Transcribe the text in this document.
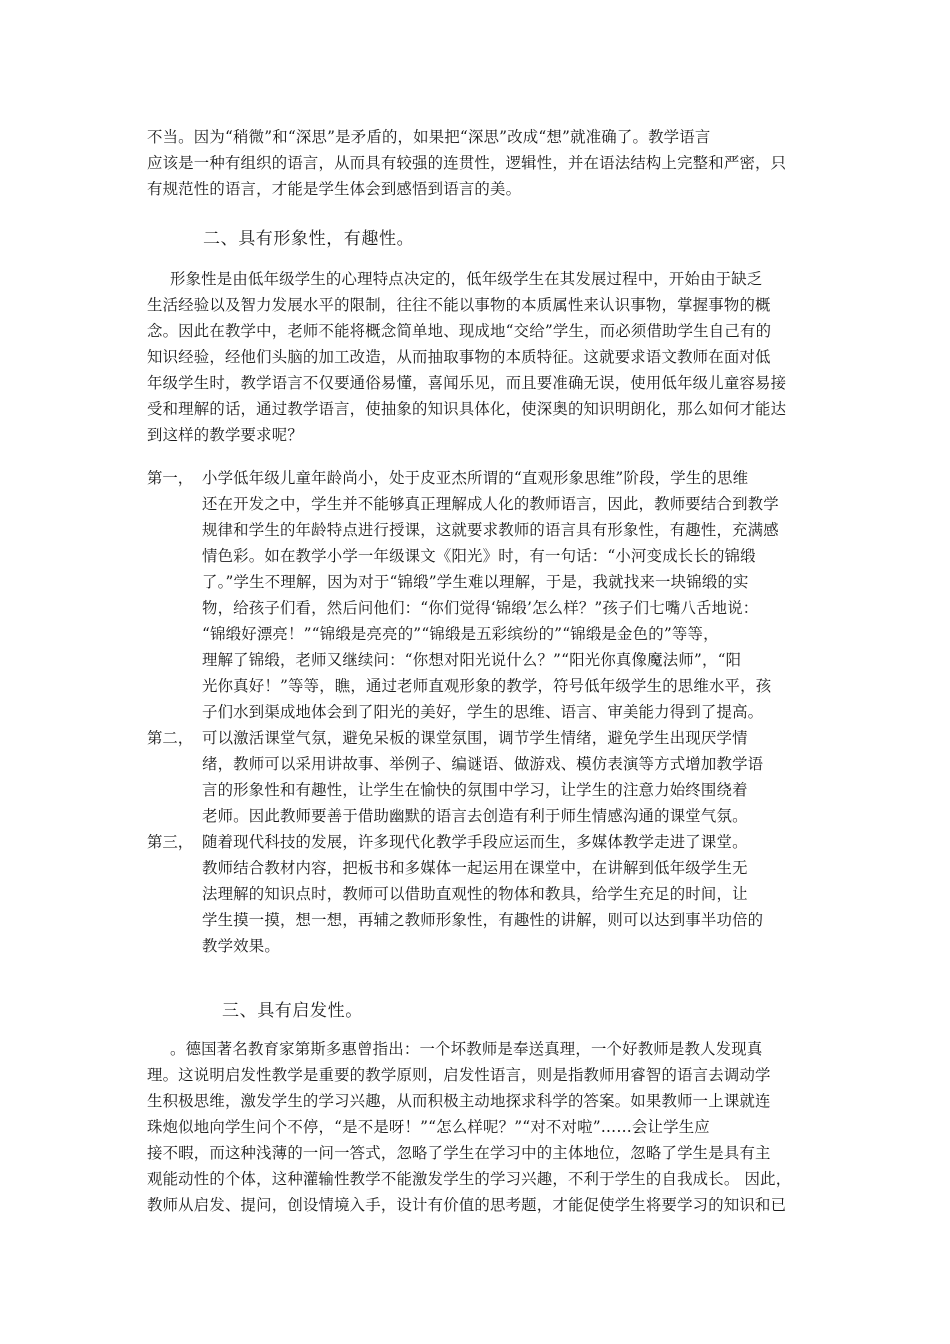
不当。因为“稍微”和“深思”是矛盾的，如果把“深思”改成“想”就准确了。教学语言
应该是一种有组织的语言，从而具有较强的连贯性，逻辑性，并在语法结构上完整和严密，只
有规范性的语言，才能是学生体会到感悟到语言的美。
二、具有形象性，有趣性。
形象性是由低年级学生的心理特点决定的，低年级学生在其发展过程中，开始由于缺乏
生活经验以及智力发展水平的限制，往往不能以事物的本质属性来认识事物，掌握事物的概
念。因此在教学中，老师不能将概念简单地、现成地“交给”学生，而必须借助学生自己有的
知识经验，经他们头脑的加工改造，从而抽取事物的本质特征。这就要求语文教师在面对低
年级学生时，教学语言不仅要通俗易懂，喜闻乐见，而且要准确无误，使用低年级儿童容易接
受和理解的话，通过教学语言，使抽象的知识具体化，使深奥的知识明朗化，那么如何才能达
到这样的教学要求呢？
第一， 小学低年级儿童年龄尚小，处于皮亚杰所谓的“直观形象思维”阶段，学生的思维
还在开发之中，学生并不能够真正理解成人化的教师语言，因此，教师要结合到教学
规律和学生的年龄特点进行授课，这就要求教师的语言具有形象性，有趣性，充满感
情色彩。如在教学小学一年级课文《阳光》时，有一句话：“小河变成长长的锦缎
了。”学生不理解，因为对于“锦缎”学生难以理解，于是，我就找来一块锦缎的实
物，给孩子们看，然后问他们：“你们觉得‘锦缎’怎么样？”孩子们七嘴八舌地说：
“锦缎好漂亮！”“锦缎是亮亮的”“锦缎是五彩缤纷的”“锦缎是金色的”等等，
理解了锦缎，老师又继续问：“你想对阳光说什么？”“阳光你真像魔法师”，“阳
光你真好！”等等，瞧，通过老师直观形象的教学，符号低年级学生的思维水平，孩
子们水到渠成地体会到了阳光的美好，学生的思维、语言、审美能力得到了提高。
第二， 可以激活课堂气氛，避免呆板的课堂氛围，调节学生情绪，避免学生出现厌学情
绪，教师可以采用讲故事、举例子、编谜语、做游戏、模仿表演等方式增加教学语
言的形象性和有趣性，让学生在愉快的氛围中学习，让学生的注意力始终围绕着
老师。因此教师要善于借助幽默的语言去创造有利于师生情感沟通的课堂气氛。
第三， 随着现代科技的发展，许多现代化教学手段应运而生，多媒体教学走进了课堂。
教师结合教材内容，把板书和多媒体一起运用在课堂中，在讲解到低年级学生无
法理解的知识点时，教师可以借助直观性的物体和教具，给学生充足的时间，让
学生摸一摸，想一想，再辅之教师形象性，有趣性的讲解，则可以达到事半功倍的
教学效果。
三、具有启发性。
。德国著名教育家第斯多惠曾指出：一个坏教师是奉送真理，一个好教师是教人发现真
理。这说明启发性教学是重要的教学原则，启发性语言，则是指教师用睿智的语言去调动学
生积极思维，激发学生的学习兴趣，从而积极主动地探求科学的答案。如果教师一上课就连
珠炮似地向学生问个不停，“是不是呀！”“怎么样呢？”“对不对啦”……会让学生应
接不暇，而这种浅薄的一问一答式，忽略了学生在学习中的主体地位，忽略了学生是具有主
观能动性的个体，这种灌输性教学不能激发学生的学习兴趣，不利于学生的自我成长。 因此，
教师从启发、提问，创设情境入手，设计有价值的思考题，才能促使学生将要学习的知识和已
